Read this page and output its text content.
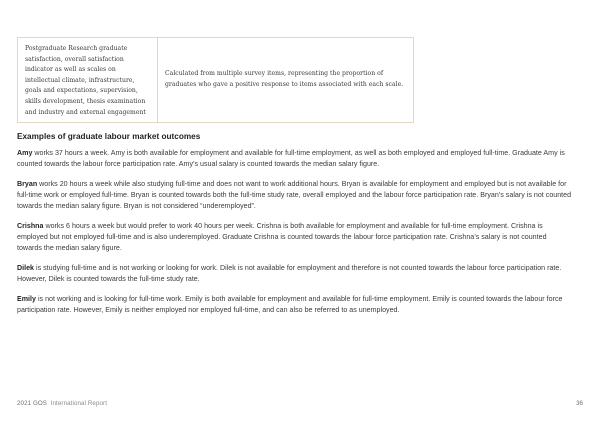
Postgraduate Research graduate satisfaction, overall satisfaction indicator as well as scales on intellectual climate, infrastructure, goals and expectations, supervision, skills development, thesis examination and industry and external engagement	Calculated from multiple survey items, representing the proportion of graduates who gave a positive response to items associated with each scale.
Examples of graduate labour market outcomes

Amy works 37 hours a week. Amy is both available for employment and available for full-time employment, as well as both employed and employed full-time. Graduate Amy is counted towards the labour force participation rate. Amy’s usual salary is counted towards the median salary figure.

Bryan works 20 hours a week while also studying full-time and does not want to work additional hours. Bryan is available for employment and employed but is not available for full-time work or employed full-time. Bryan is counted towards both the full-time study rate, overall employed and the labour force participation rate. Bryan’s salary is not counted towards the median salary figure. Bryan is not considered “underemployed”.

Crishna works 6 hours a week but would prefer to work 40 hours per week. Crishna is both available for employment and available for full-time employment. Crishna is employed but not employed full-time and is also underemployed. Graduate Crishna is counted towards the labour force participation rate. Crishna’s salary is not counted towards the median salary figure.

Dilek is studying full-time and is not working or looking for work. Dilek is not available for employment and therefore is not counted towards the labour force participation rate. However, Dilek is counted towards the full-time study rate.

Emily is not working and is looking for full-time work. Emily is both available for employment and available for full-time employment. Emily is counted towards the labour force participation rate. However, Emily is neither employed nor employed full-time, and can also be referred to as unemployed.

2021 GOS International Report	36
